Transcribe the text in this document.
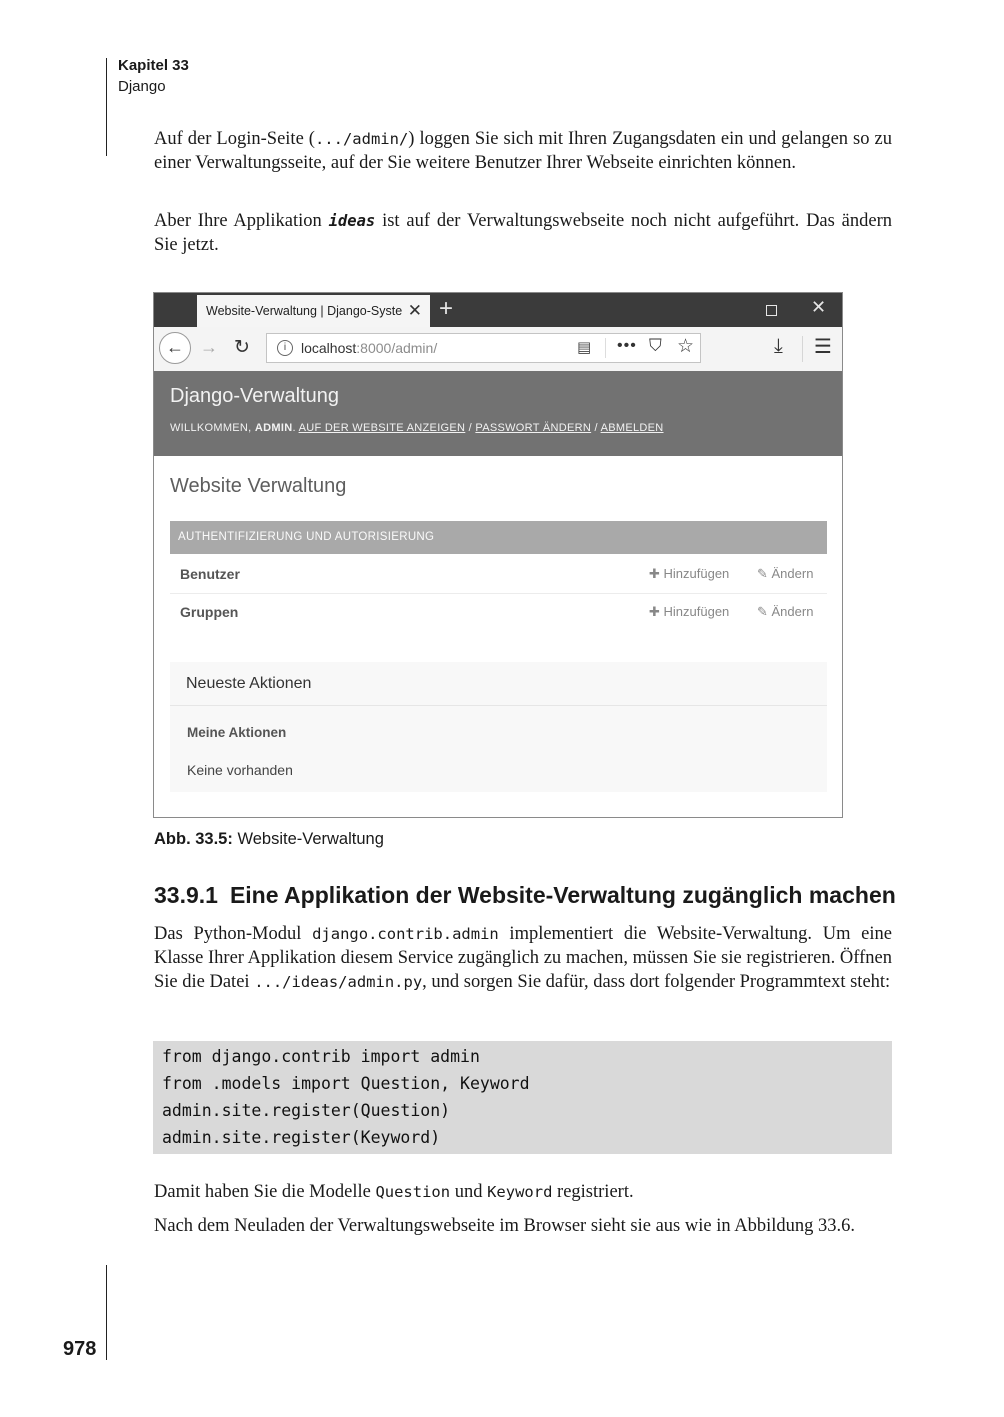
Kapitel 33
Django

Auf der Login-Seite (.../admin/) loggen Sie sich mit Ihren Zugangsdaten ein und gelangen so zu einer Verwaltungsseite, auf der Sie weitere Benutzer Ihrer Webseite einrichten können.

Aber Ihre Applikation ideas ist auf der Verwaltungswebseite noch nicht aufgeführt. Das ändern Sie jetzt.

Website-Verwaltung | Django-Syste ✕ +	✕
← → ↻	i	localhost:8000/admin/	▤ ••• ⛉ ☆	⤓ ☰
Django-Verwaltung
WILLKOMMEN, ADMIN. AUF DER WEBSITE ANZEIGEN / PASSWORT ÄNDERN / ABMELDEN
Website Verwaltung
AUTHENTIFIZIERUNG UND AUTORISIERUNG
Benutzer	✚ Hinzufügen ✎ Ändern
Gruppen	✚ Hinzufügen ✎ Ändern
Neueste Aktionen
Meine Aktionen
Keine vorhanden
Abb. 33.5: Website-Verwaltung
33.9.1 Eine Applikation der Website-Verwaltung zugänglich machen

Das Python-Modul django.contrib.admin implementiert die Website-Verwaltung. Um eine Klasse Ihrer Applikation diesem Service zugänglich zu machen, müssen Sie sie registrieren. Öffnen Sie die Datei .../ideas/admin.py, und sorgen Sie dafür, dass dort folgender Programmtext steht:

from django.contrib import admin
from .models import Question, Keyword
admin.site.register(Question)
admin.site.register(Keyword)

Damit haben Sie die Modelle Question und Keyword registriert.

Nach dem Neuladen der Verwaltungswebseite im Browser sieht sie aus wie in Abbildung 33.6.

978
